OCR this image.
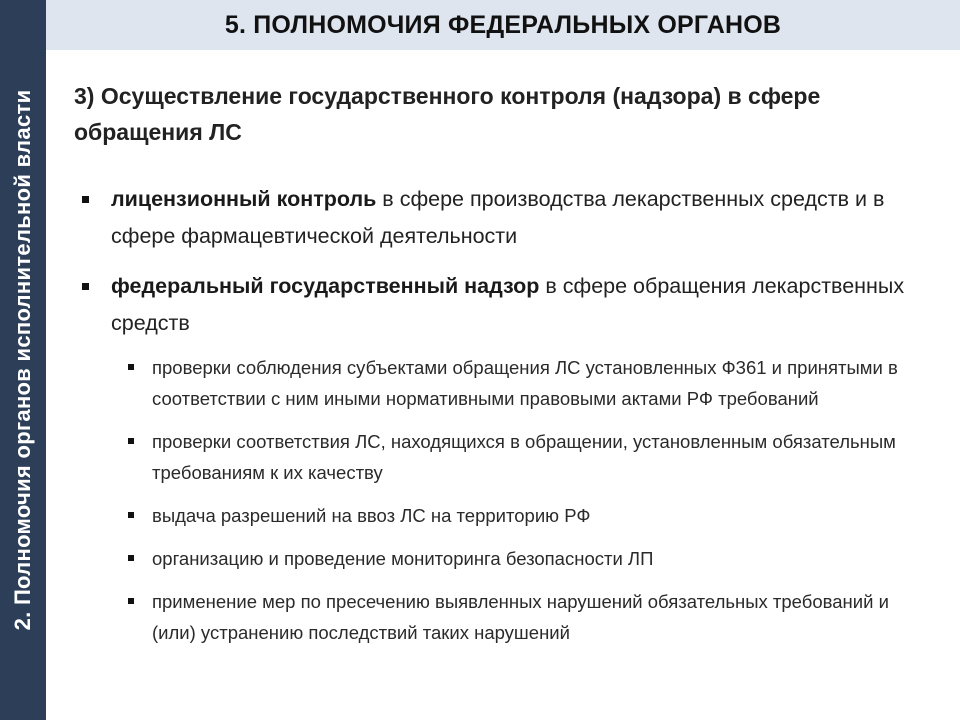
2. Полномочия органов исполнительной власти
5. ПОЛНОМОЧИЯ ФЕДЕРАЛЬНЫХ ОРГАНОВ
3) Осуществление государственного контроля (надзора) в сфере обращения ЛС
лицензионный контроль в сфере производства лекарственных средств и в сфере фармацевтической деятельности
федеральный государственный надзор в сфере обращения лекарственных средств
проверки соблюдения субъектами обращения ЛС установленных Ф361 и принятыми в соответствии с ним иными нормативными правовыми актами РФ требований
проверки соответствия ЛС, находящихся в обращении, установленным обязательным требованиям к их качеству
выдача разрешений на ввоз ЛС на территорию РФ
организацию и проведение мониторинга безопасности ЛП
применение мер по пресечению выявленных нарушений обязательных требований и (или) устранению последствий таких нарушений
